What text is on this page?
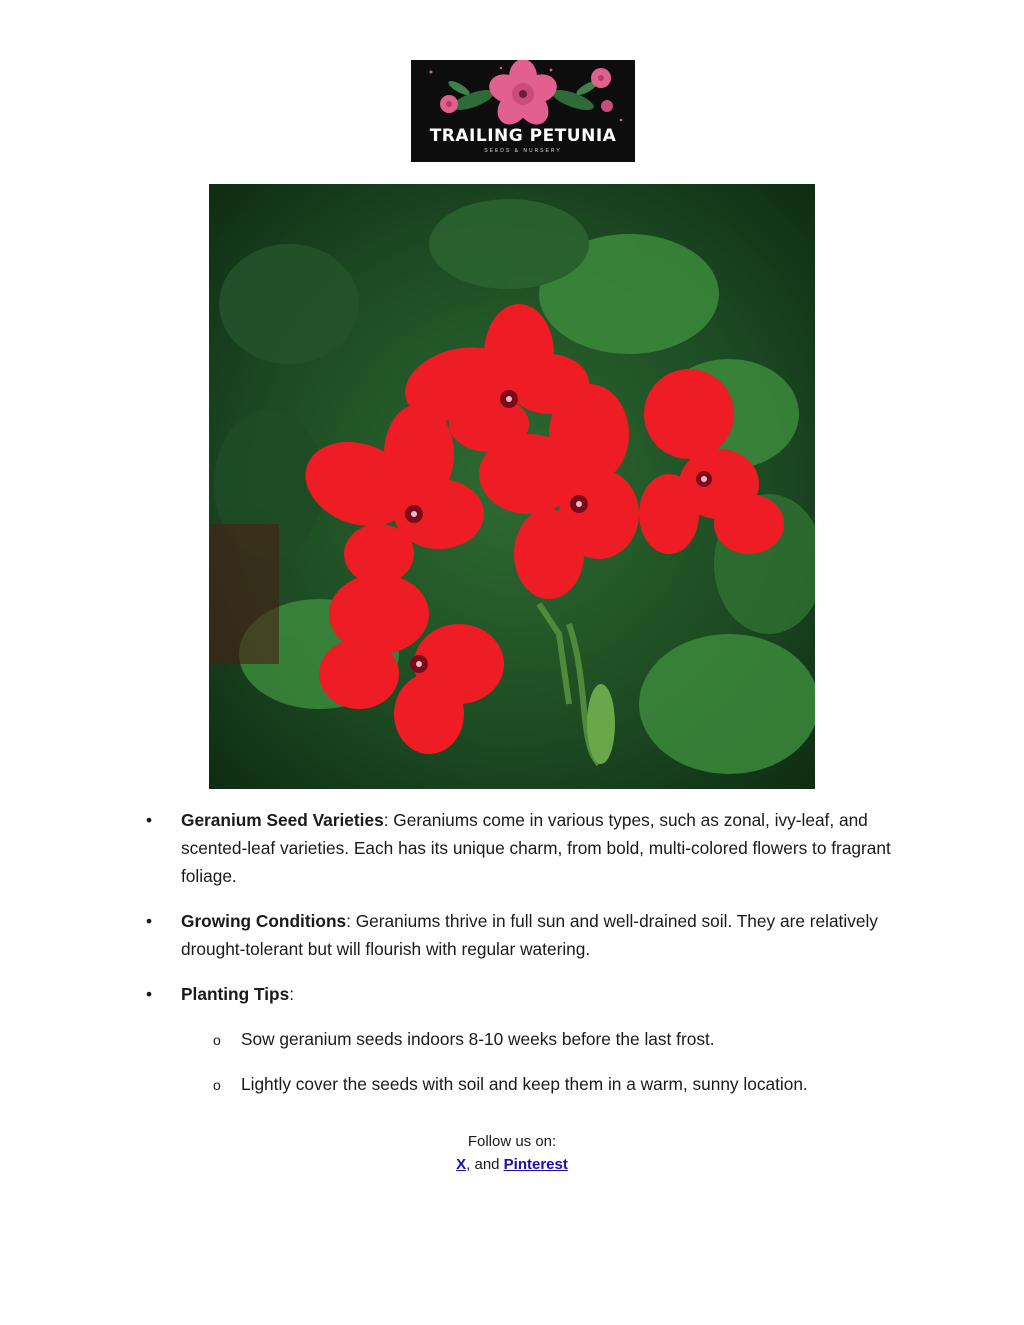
TRAILING PETUNIA
SEEDS & NURSERY
• Geranium Seed Varieties: Geraniums come in various types, such as zonal, ivy-leaf, and scented-leaf varieties. Each has its unique charm, from bold, multi-colored flowers to fragrant foliage.
• Growing Conditions: Geraniums thrive in full sun and well-drained soil. They are relatively drought-tolerant but will flourish with regular watering.
• Planting Tips:
o Sow geranium seeds indoors 8-10 weeks before the last frost.
o Lightly cover the seeds with soil and keep them in a warm, sunny location.
Follow us on:
X, and Pinterest
